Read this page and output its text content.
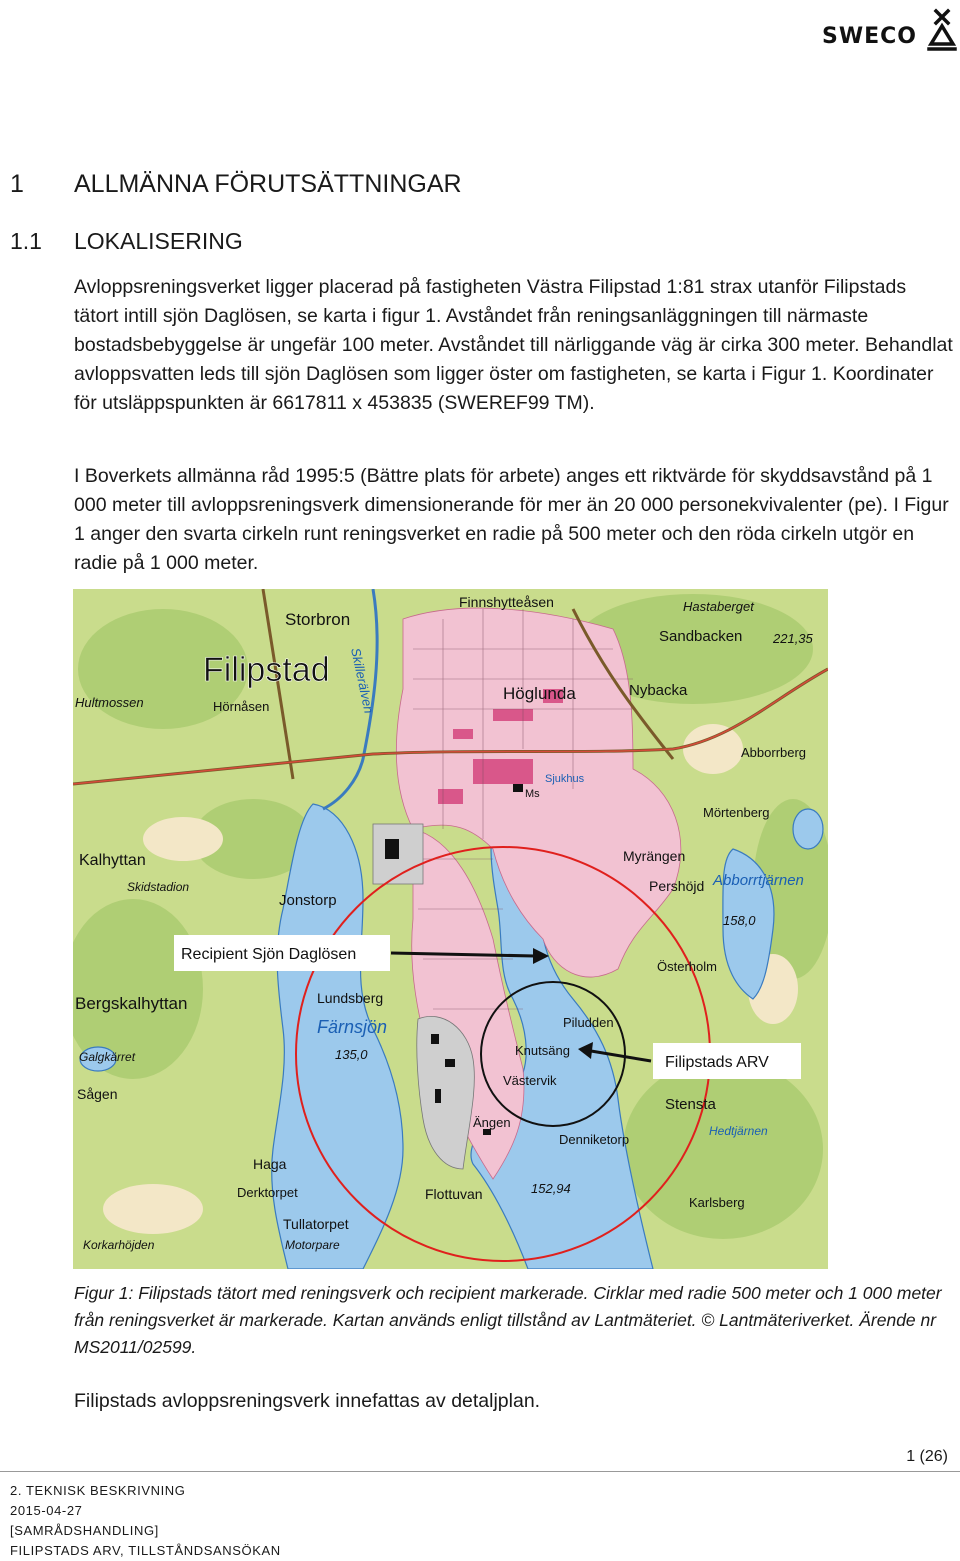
SWECO
1 ALLMÄNNA FÖRUTSÄTTNINGAR
1.1 LOKALISERING

Avloppsreningsverket ligger placerad på fastigheten Västra Filipstad 1:81 strax utanför Filipstads tätort intill sjön Daglösen, se karta i figur 1. Avståndet från reningsanläggningen till närmaste bostadsbebyggelse är ungefär 100 meter. Avståndet till närliggande väg är cirka 300 meter. Behandlat avloppsvatten leds till sjön Daglösen som ligger öster om fastigheten, se karta i Figur 1. Koordinater för utsläppspunkten är 6617811 x 453835 (SWEREF99 TM).

I Boverkets allmänna råd 1995:5 (Bättre plats för arbete) anges ett riktvärde för skyddsavstånd på 1 000 meter till avloppsreningsverk dimensionerande för mer än 20 000 personekvivalenter (pe). I Figur 1 anger den svarta cirkeln runt reningsverket en radie på 500 meter och den röda cirkeln utgör en radie på 1 000 meter.

Recipient Sjön Daglösen
Filipstads ARV
Filipstad
Storbron
Hultmossen	Hörnåsen
Finnshytteåsen	Hastaberget
Sandbacken 221,35
Höglunda	Nybacka
Abborrberg
Sjukhus
Ms
Mörtenberg
Myrängen
Pershöjd Abborrtjärnen
158,0
Österholm
Kalhyttan
Skidstadion
Jonstorp
Bergskalhyttan
Galgkärret
Sågen
Lundsberg
Färnsjön
135,0
Piludden
Knutsäng
Västervik
Ängen
Denniketorp
Stensta
Hedtjärnen
Haga
Derktorpet	Flottuvan	152,94
Karlsberg
Tullatorpet
Motorpare
Korkarhöjden
Skillerälven

Figur 1: Filipstads tätort med reningsverk och recipient markerade. Cirklar med radie 500 meter och 1 000 meter från reningsverket är markerade. Kartan används enligt tillstånd av Lantmäteriet. © Lantmäteriverket. Ärende nr MS2011/02599.

Filipstads avloppsreningsverk innefattas av detaljplan.

1 (26)
2. TEKNISK BESKRIVNING
2015-04-27
[SAMRÅDSHANDLING]
FILIPSTADS ARV, TILLSTÅNDSANSÖKAN
